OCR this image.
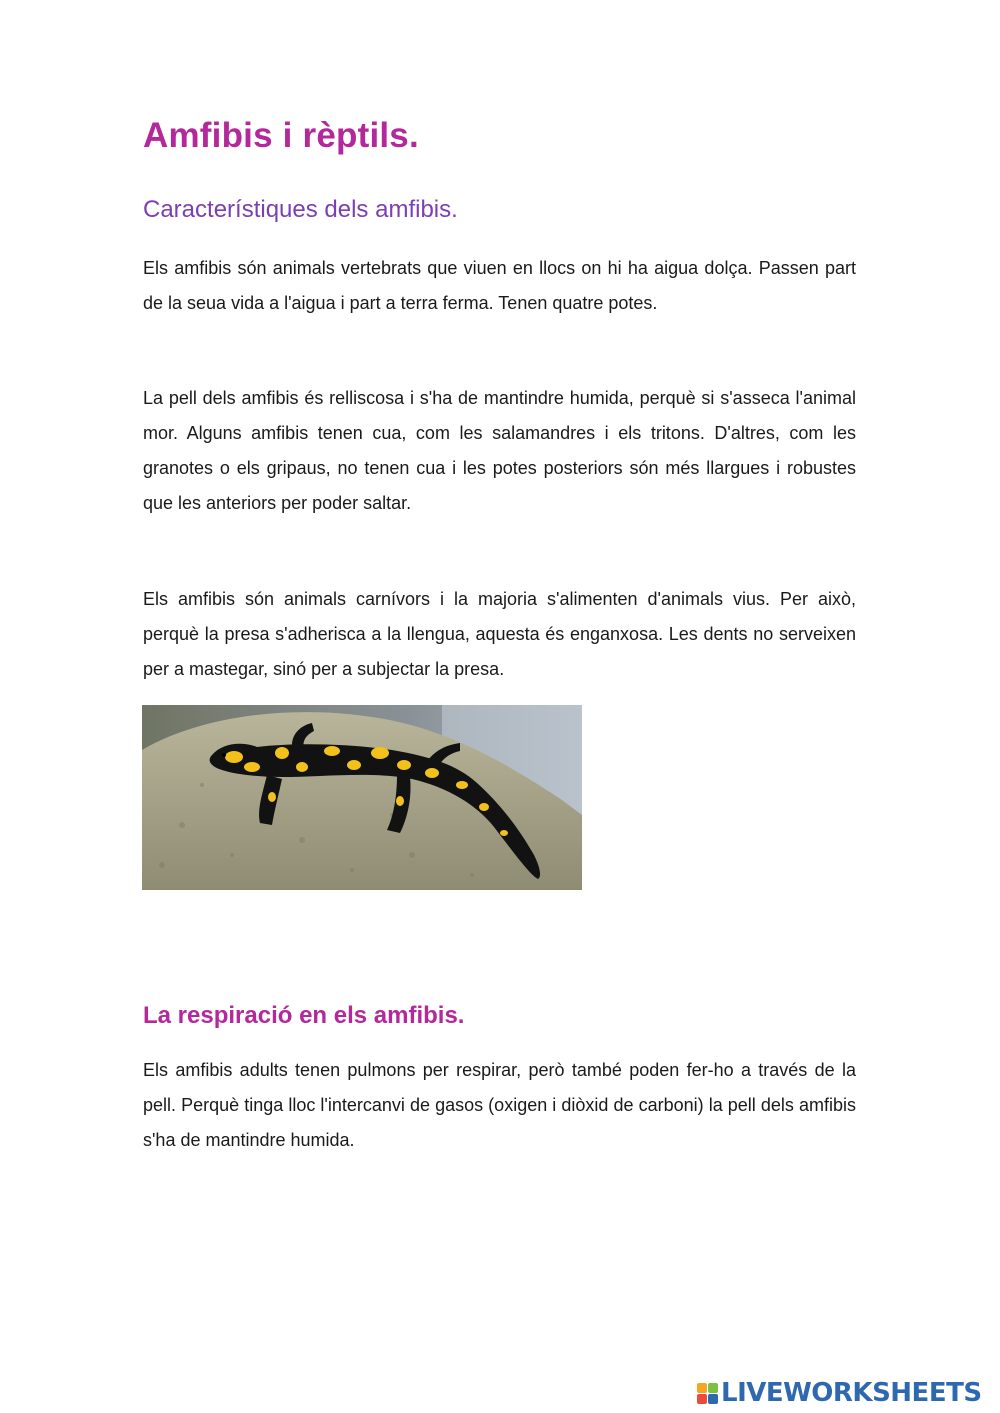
Amfibis i rèptils.
Característiques dels amfibis.

Els amfibis són animals vertebrats que viuen en llocs on hi ha aigua dolça. Passen part de la seua vida a l'aigua i part a terra ferma. Tenen quatre potes.

La pell dels amfibis és relliscosa i s'ha de mantindre humida, perquè si s'asseca l'animal mor. Alguns amfibis tenen cua, com les salamandres i els tritons. D'altres, com les granotes o els gripaus, no tenen cua i les potes posteriors són més llargues i robustes que les anteriors per poder saltar.

Els amfibis són animals carnívors i la majoria s'alimenten d'animals vius. Per això, perquè la presa s'adherisca a la llengua, aquesta és enganxosa. Les dents no serveixen per a mastegar, sinó per a subjectar la presa.

La respiració en els amfibis.

Els amfibis adults tenen pulmons per respirar, però també poden fer-ho a través de la pell. Perquè tinga lloc l'intercanvi de gasos (oxigen i diòxid de carboni) la pell dels amfibis s'ha de mantindre humida.

LIVEWORKSHEETS
